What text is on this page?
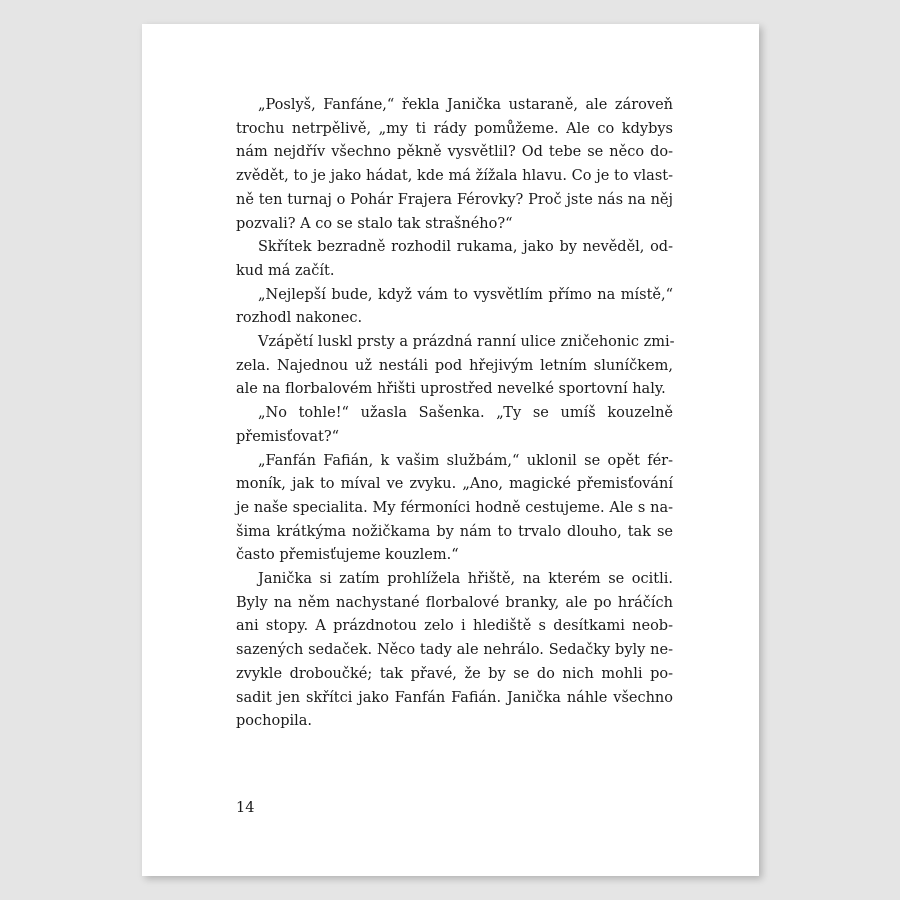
„Poslyš, Fanfáne,“ řekla Janička ustaraně, ale zároveň
trochu netrpělivě, „my ti rády pomůžeme. Ale co kdybys
nám nejdřív všechno pěkně vysvětlil? Od tebe se něco do-
zvědět, to je jako hádat, kde má žížala hlavu. Co je to vlast-
ně ten turnaj o Pohár Frajera Férovky? Proč jste nás na něj
pozvali? A co se stalo tak strašného?“
Skřítek bezradně rozhodil rukama, jako by nevěděl, od-
kud má začít.
„Nejlepší bude, když vám to vysvětlím přímo na místě,“
rozhodl nakonec.
Vzápětí luskl prsty a prázdná ranní ulice zničehonic zmi-
zela. Najednou už nestáli pod hřejivým letním sluníčkem,
ale na florbalovém hřišti uprostřed nevelké sportovní haly.
„No tohle!“ užasla Sašenka. „Ty se umíš kouzelně
přemisťovat?“
„Fanfán Fafián, k vašim službám,“ uklonil se opět fér-
moník, jak to míval ve zvyku. „Ano, magické přemisťování
je naše specialita. My férmoníci hodně cestujeme. Ale s na-
šima krátkýma nožičkama by nám to trvalo dlouho, tak se
často přemisťujeme kouzlem.“
Janička si zatím prohlížela hřiště, na kterém se ocitli.
Byly na něm nachystané florbalové branky, ale po hráčích
ani stopy. A prázdnotou zelo i hlediště s desítkami neob-
sazených sedaček. Něco tady ale nehrálo. Sedačky byly ne-
zvykle droboučké; tak přavé, že by se do nich mohli po-
sadit jen skřítci jako Fanfán Fafián. Janička náhle všechno
pochopila.
14
